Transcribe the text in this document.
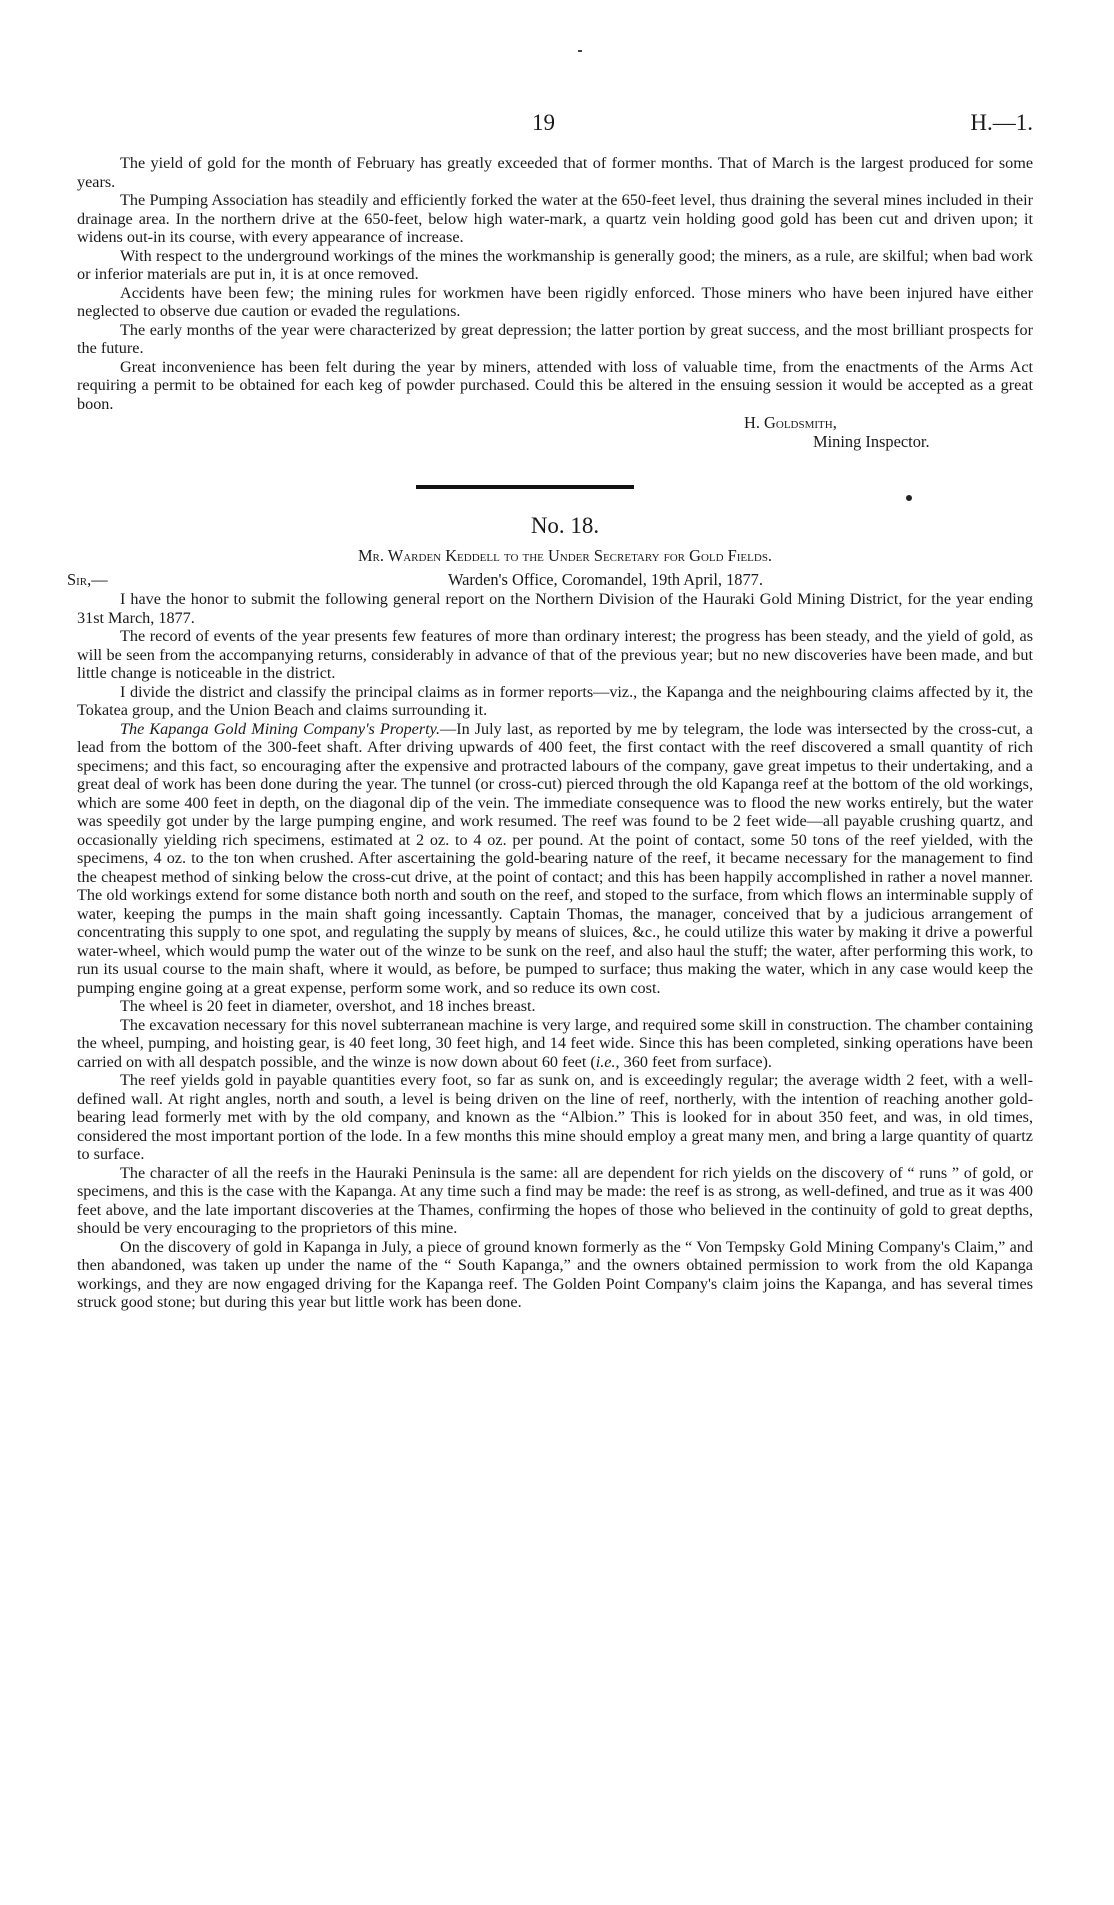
19	H.—1.

The yield of gold for the month of February has greatly exceeded that of former months. That of March is the largest produced for some years.

The Pumping Association has steadily and efficiently forked the water at the 650-feet level, thus draining the several mines included in their drainage area. In the northern drive at the 650-feet, below high water-mark, a quartz vein holding good gold has been cut and driven upon; it widens out-in its course, with every appearance of increase.

With respect to the underground workings of the mines the workmanship is generally good; the miners, as a rule, are skilful; when bad work or inferior materials are put in, it is at once removed.

Accidents have been few; the mining rules for workmen have been rigidly enforced. Those miners who have been injured have either neglected to observe due caution or evaded the regulations.

The early months of the year were characterized by great depression; the latter portion by great success, and the most brilliant prospects for the future.

Great inconvenience has been felt during the year by miners, attended with loss of valuable time, from the enactments of the Arms Act requiring a permit to be obtained for each keg of powder purchased. Could this be altered in the ensuing session it would be accepted as a great boon.

H. Goldsmith,
Mining Inspector.
No. 18.
Mr. Warden Keddell to the Under Secretary for Gold Fields.
Sir,—	Warden's Office, Coromandel, 19th April, 1877.

I have the honor to submit the following general report on the Northern Division of the Hauraki Gold Mining District, for the year ending 31st March, 1877.

The record of events of the year presents few features of more than ordinary interest; the progress has been steady, and the yield of gold, as will be seen from the accompanying returns, considerably in advance of that of the previous year; but no new discoveries have been made, and but little change is noticeable in the district.

I divide the district and classify the principal claims as in former reports—viz., the Kapanga and the neighbouring claims affected by it, the Tokatea group, and the Union Beach and claims surrounding it.

The Kapanga Gold Mining Company's Property.—In July last, as reported by me by telegram, the lode was intersected by the cross-cut, a lead from the bottom of the 300-feet shaft. After driving upwards of 400 feet, the first contact with the reef discovered a small quantity of rich specimens; and this fact, so encouraging after the expensive and protracted labours of the company, gave great impetus to their undertaking, and a great deal of work has been done during the year. The tunnel (or cross-cut) pierced through the old Kapanga reef at the bottom of the old workings, which are some 400 feet in depth, on the diagonal dip of the vein. The immediate consequence was to flood the new works entirely, but the water was speedily got under by the large pumping engine, and work resumed. The reef was found to be 2 feet wide—all payable crushing quartz, and occasionally yielding rich specimens, estimated at 2 oz. to 4 oz. per pound. At the point of contact, some 50 tons of the reef yielded, with the specimens, 4 oz. to the ton when crushed. After ascertaining the gold-bearing nature of the reef, it became necessary for the management to find the cheapest method of sinking below the cross-cut drive, at the point of contact; and this has been happily accomplished in rather a novel manner. The old workings extend for some distance both north and south on the reef, and stoped to the surface, from which flows an interminable supply of water, keeping the pumps in the main shaft going incessantly. Captain Thomas, the manager, conceived that by a judicious arrangement of concentrating this supply to one spot, and regulating the supply by means of sluices, &c., he could utilize this water by making it drive a powerful water-wheel, which would pump the water out of the winze to be sunk on the reef, and also haul the stuff; the water, after performing this work, to run its usual course to the main shaft, where it would, as before, be pumped to surface; thus making the water, which in any case would keep the pumping engine going at a great expense, perform some work, and so reduce its own cost.

The wheel is 20 feet in diameter, overshot, and 18 inches breast.

The excavation necessary for this novel subterranean machine is very large, and required some skill in construction. The chamber containing the wheel, pumping, and hoisting gear, is 40 feet long, 30 feet high, and 14 feet wide. Since this has been completed, sinking operations have been carried on with all despatch possible, and the winze is now down about 60 feet (i.e., 360 feet from surface).

The reef yields gold in payable quantities every foot, so far as sunk on, and is exceedingly regular; the average width 2 feet, with a well-defined wall. At right angles, north and south, a level is being driven on the line of reef, northerly, with the intention of reaching another gold-bearing lead formerly met with by the old company, and known as the “Albion.” This is looked for in about 350 feet, and was, in old times, considered the most important portion of the lode. In a few months this mine should employ a great many men, and bring a large quantity of quartz to surface.

The character of all the reefs in the Hauraki Peninsula is the same: all are dependent for rich yields on the discovery of “ runs ” of gold, or specimens, and this is the case with the Kapanga. At any time such a find may be made: the reef is as strong, as well-defined, and true as it was 400 feet above, and the late important discoveries at the Thames, confirming the hopes of those who believed in the continuity of gold to great depths, should be very encouraging to the proprietors of this mine.

On the discovery of gold in Kapanga in July, a piece of ground known formerly as the “ Von Tempsky Gold Mining Company's Claim,” and then abandoned, was taken up under the name of the “ South Kapanga,” and the owners obtained permission to work from the old Kapanga workings, and they are now engaged driving for the Kapanga reef. The Golden Point Company's claim joins the Kapanga, and has several times struck good stone; but during this year but little work has been done.
